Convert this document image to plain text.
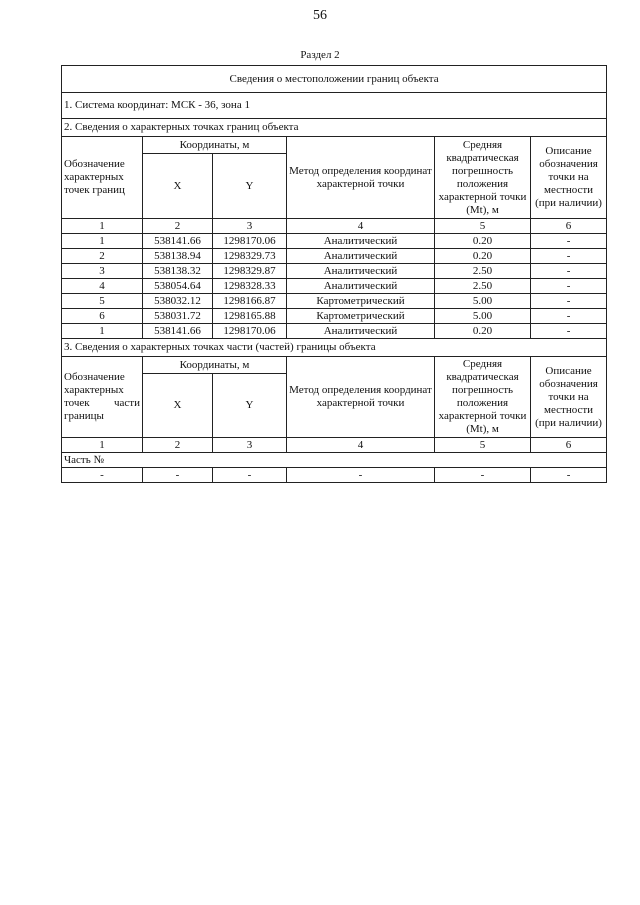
56
Раздел 2
Сведения о местоположении границ объекта					
1. Система координат: МСК - 36, зона 1					
2. Сведения о характерных точках границ объекта					
Обозначение характерных точек границ	Координаты, м		Метод определения координат характерной точки	Средняя квадратическая погрешность положения характерной точки (Mt), м	Описание обозначения точки на местности (при наличии)
	X	Y			
1	2	3	4	5	6
1	538141.66	1298170.06	Аналитический	0.20	-
2	538138.94	1298329.73	Аналитический	0.20	-
3	538138.32	1298329.87	Аналитический	2.50	-
4	538054.64	1298328.33	Аналитический	2.50	-
5	538032.12	1298166.87	Картометрический	5.00	-
6	538031.72	1298165.88	Картометрический	5.00	-
1	538141.66	1298170.06	Аналитический	0.20	-
3. Сведения о характерных точках части (частей) границы объекта					
Обозначение характерных точек части границы	Координаты, м		Метод определения координат характерной точки	Средняя квадратическая погрешность положения характерной точки (Mt), м	Описание обозначения точки на местности (при наличии)
	X	Y			
1	2	3	4	5	6
Часть №					
-	-	-	-	-	-
